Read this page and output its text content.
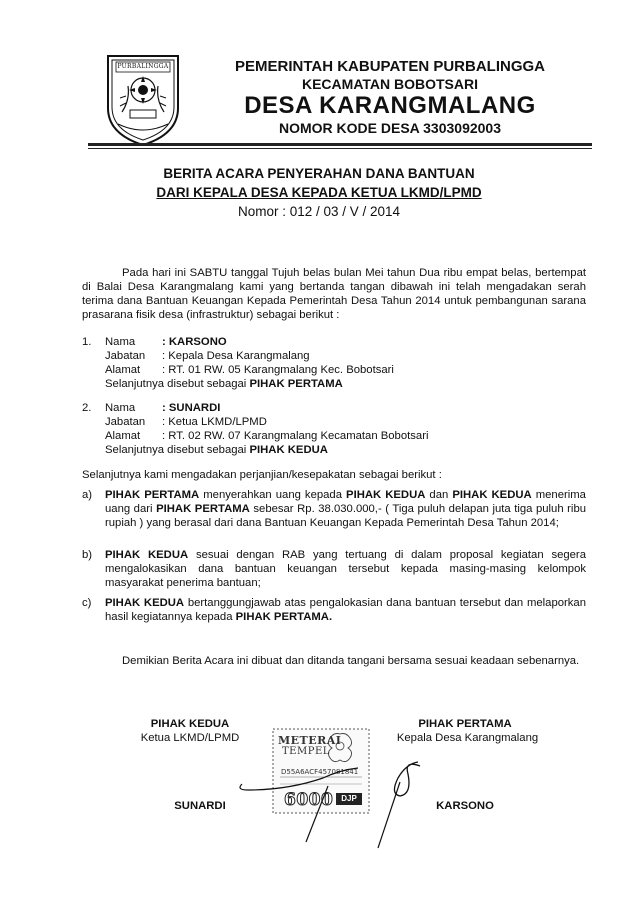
PURBALINGGA	PEMERINTAH KABUPATEN PURBALINGGA
KECAMATAN BOBOTSARI
DESA KARANGMALANG
NOMOR KODE DESA 3303092003
BERITA ACARA PENYERAHAN DANA BANTUAN
DARI KEPALA DESA KEPADA KETUA LKMD/LPMD
Nomor : 012 / 03 / V / 2014
Pada hari ini SABTU tanggal Tujuh belas bulan Mei tahun Dua ribu empat belas, bertempat di Balai Desa Karangmalang kami yang bertanda tangan dibawah ini telah mengadakan serah terima dana Bantuan Keuangan Kepada Pemerintah Desa Tahun 2014 untuk pembangunan sarana prasarana fisik desa (infrastruktur) sebagai berikut :
1. Nama : KARSONO
Jabatan : Kepala Desa Karangmalang
Alamat : RT. 01 RW. 05 Karangmalang Kec. Bobotsari
Selanjutnya disebut sebagai PIHAK PERTAMA
2. Nama : SUNARDI
Jabatan : Ketua LKMD/LPMD
Alamat : RT. 02 RW. 07 Karangmalang Kecamatan Bobotsari
Selanjutnya disebut sebagai PIHAK KEDUA
Selanjutnya kami mengadakan perjanjian/kesepakatan sebagai berikut :
a) PIHAK PERTAMA menyerahkan uang kepada PIHAK KEDUA dan PIHAK KEDUA menerima uang dari PIHAK PERTAMA sebesar Rp. 38.030.000,- ( Tiga puluh delapan juta tiga puluh ribu rupiah ) yang berasal dari dana Bantuan Keuangan Kepada Pemerintah Desa Tahun 2014;
b) PIHAK KEDUA sesuai dengan RAB yang tertuang di dalam proposal kegiatan segera mengalokasikan dana bantuan keuangan tersebut kepada masing-masing kelompok masyarakat penerima bantuan;
c) PIHAK KEDUA bertanggungjawab atas pengalokasian dana bantuan tersebut dan melaporkan hasil kegiatannya kepada PIHAK PERTAMA.
Demikian Berita Acara ini dibuat dan ditanda tangani bersama sesuai keadaan sebenarnya.
PIHAK KEDUA
Ketua LKMD/LPMD
SUNARDI
PIHAK PERTAMA
Kepala Desa Karangmalang
KARSONO
METERAI
TEMPEL
D55A6ACF457081841
6000 DJP
